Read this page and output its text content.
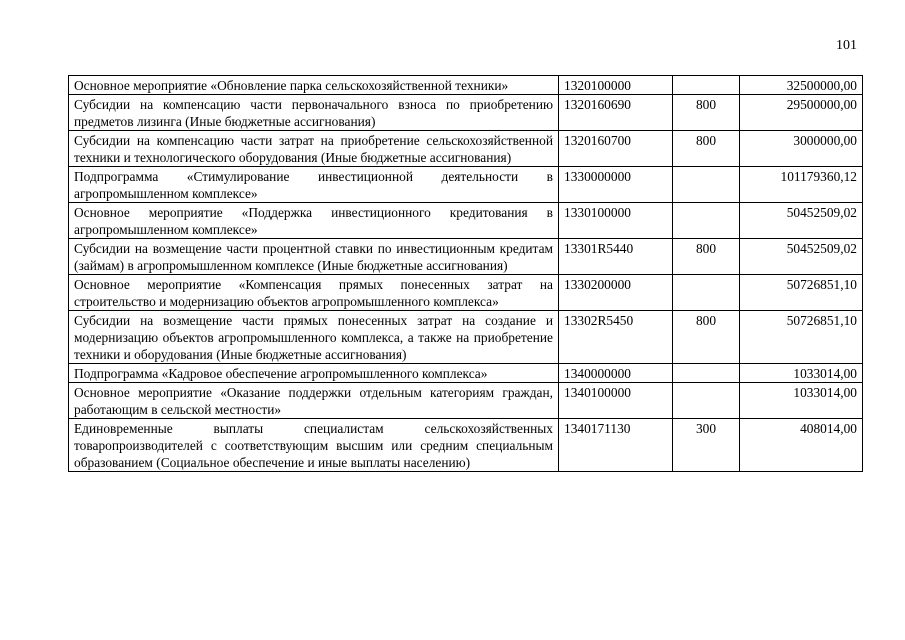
101
Основное мероприятие «Обновление парка сельскохозяйственной техники»	1320100000		32500000,00
Субсидии на компенсацию части первоначального взноса по приобретению предметов лизинга (Иные бюджетные ассигнования)	1320160690	800	29500000,00
Субсидии на компенсацию части затрат на приобретение сельскохозяйственной техники и технологического оборудования (Иные бюджетные ассигнования)	1320160700	800	3000000,00
Подпрограмма «Стимулирование инвестиционной деятельности в агропромышленном комплексе»	1330000000		101179360,12
Основное мероприятие «Поддержка инвестиционного кредитования в агропромышленном комплексе»	1330100000		50452509,02
Субсидии на возмещение части процентной ставки по инвестиционным кредитам (займам) в агропромышленном комплексе (Иные бюджетные ассигнования)	13301R5440	800	50452509,02
Основное мероприятие «Компенсация прямых понесенных затрат на строительство и модернизацию объектов агропромышленного комплекса»	1330200000		50726851,10
Субсидии на возмещение части прямых понесенных затрат на создание и модернизацию объектов агропромышленного комплекса, а также на приобретение техники и оборудования (Иные бюджетные ассигнования)	13302R5450	800	50726851,10
Подпрограмма «Кадровое обеспечение агропромышленного комплекса»	1340000000		1033014,00
Основное мероприятие «Оказание поддержки отдельным категориям граждан, работающим в сельской местности»	1340100000		1033014,00
Единовременные выплаты специалистам сельскохозяйственных товаропроизводителей с соответствующим высшим или средним специальным образованием (Социальное обеспечение и иные выплаты населению)	1340171130	300	408014,00
